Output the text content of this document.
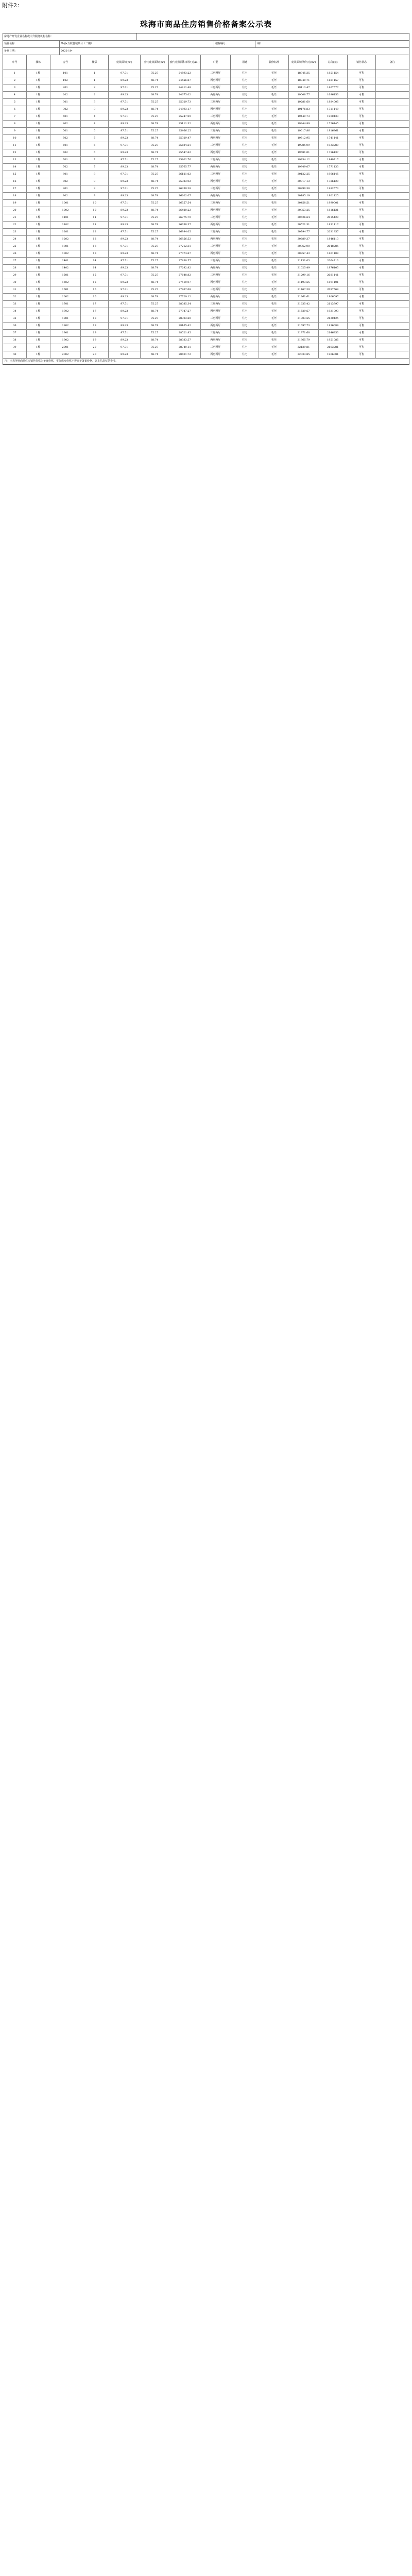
附件2：
珠海市商品住房销售价格备案公示表
房地产开发企业名称或中介服务机构名称：
项目名称：	华發•万联悦城项目（二期）	楼栋编号：	1栋
备案日期：	2022-10-
序号	楼栋	房号	楼层	建筑面积(m²)	套内建筑面积(m²)	套内建筑面积单价(元/m²)	户型	用途	装修标准	建筑面积单价(元/m²)	总价(元)	销售状态	备注
1	1栋	101	1	97.71	75.27	24593.22	三房两厅	住宅	毛坯	18945.35	1851154	可售
2	1栋	102	1	89.23	68.74	24456.87	两房两厅	住宅	毛坯	18840.71	1681157	可售
3	1栋	201	2	97.71	75.27	24811.48	三房两厅	住宅	毛坯	19113.47	1867577	可售
4	1栋	202	2	89.23	68.74	24675.02	两房两厅	住宅	毛坯	19008.77	1696153	可售
5	1栋	301	3	97.71	75.27	25029.73	三房两厅	住宅	毛坯	19281.60	1884005	可售
6	1栋	302	3	89.23	68.74	24893.17	两房两厅	住宅	毛坯	19176.83	1711149	可售
7	1栋	401	4	97.71	75.27	25247.99	三房两厅	住宅	毛坯	19449.73	1900433	可售
8	1栋	402	4	89.23	68.74	25111.32	两房两厅	住宅	毛坯	19344.89	1726145	可售
9	1栋	501	5	97.71	75.27	25466.25	三房两厅	住宅	毛坯	19617.86	1916861	可售
10	1栋	502	5	89.23	68.74	25329.47	两房两厅	住宅	毛坯	19512.95	1741141	可售
11	1栋	601	6	97.71	75.27	25684.51	三房两厅	住宅	毛坯	19785.99	1933289	可售
12	1栋	602	6	89.23	68.74	25547.62	两房两厅	住宅	毛坯	19681.01	1756137	可售
13	1栋	701	7	97.71	75.27	25902.76	三房两厅	住宅	毛坯	19954.12	1949717	可售
14	1栋	702	7	89.23	68.74	25765.77	两房两厅	住宅	毛坯	19849.07	1771133	可售
15	1栋	801	8	97.71	75.27	26121.02	三房两厅	住宅	毛坯	20122.25	1966145	可售
16	1栋	802	8	89.23	68.74	25983.92	两房两厅	住宅	毛坯	20017.13	1786129	可售
17	1栋	901	9	97.71	75.27	26339.28	三房两厅	住宅	毛坯	20290.38	1982573	可售
18	1栋	902	9	89.23	68.74	26202.07	两房两厅	住宅	毛坯	20185.19	1801125	可售
19	1栋	1001	10	97.71	75.27	26557.54	三房两厅	住宅	毛坯	20458.51	1999001	可售
20	1栋	1002	10	89.23	68.74	26420.22	两房两厅	住宅	毛坯	20353.25	1816121	可售
21	1栋	1101	11	97.71	75.27	26775.79	三房两厅	住宅	毛坯	20626.64	2015429	可售
22	1栋	1102	11	89.23	68.74	26638.37	两房两厅	住宅	毛坯	20521.31	1831117	可售
23	1栋	1201	12	97.71	75.27	26994.05	三房两厅	住宅	毛坯	20794.77	2031857	可售
24	1栋	1202	12	89.23	68.74	26856.52	两房两厅	住宅	毛坯	20689.37	1846113	可售
25	1栋	1301	13	97.71	75.27	27212.31	三房两厅	住宅	毛坯	20962.90	2048285	可售
26	1栋	1302	13	89.23	68.74	27074.67	两房两厅	住宅	毛坯	20857.43	1861109	可售
27	1栋	1401	14	97.71	75.27	27430.57	三房两厅	住宅	毛坯	21131.03	2064713	可售
28	1栋	1402	14	89.23	68.74	27292.82	两房两厅	住宅	毛坯	21025.49	1876105	可售
29	1栋	1501	15	97.71	75.27	27648.82	三房两厅	住宅	毛坯	21299.16	2081141	可售
30	1栋	1502	15	89.23	68.74	27510.97	两房两厅	住宅	毛坯	21193.55	1891101	可售
31	1栋	1601	16	97.71	75.27	27867.08	三房两厅	住宅	毛坯	21467.29	2097569	可售
32	1栋	1602	16	89.23	68.74	27729.12	两房两厅	住宅	毛坯	21361.61	1906097	可售
33	1栋	1701	17	97.71	75.27	28085.34	三房两厅	住宅	毛坯	21635.42	2113997	可售
34	1栋	1702	17	89.23	68.74	27947.27	两房两厅	住宅	毛坯	21529.67	1921093	可售
35	1栋	1801	18	97.71	75.27	28303.60	三房两厅	住宅	毛坯	21803.55	2130425	可售
36	1栋	1802	18	89.23	68.74	28165.42	两房两厅	住宅	毛坯	21697.73	1936089	可售
37	1栋	1901	19	97.71	75.27	28521.85	三房两厅	住宅	毛坯	21971.68	2146853	可售
38	1栋	1902	19	89.23	68.74	28383.57	两房两厅	住宅	毛坯	21865.79	1951085	可售
39	1栋	2001	20	97.71	75.27	28740.11	三房两厅	住宅	毛坯	22139.81	2163281	可售
40	1栋	2002	20	89.23	68.74	28601.72	两房两厅	住宅	毛坯	22033.85	1966081	可售
注：本表所列商品住房销售价格为备案价格，实际成交价格不得高于备案价格。以上信息仅供参考。
